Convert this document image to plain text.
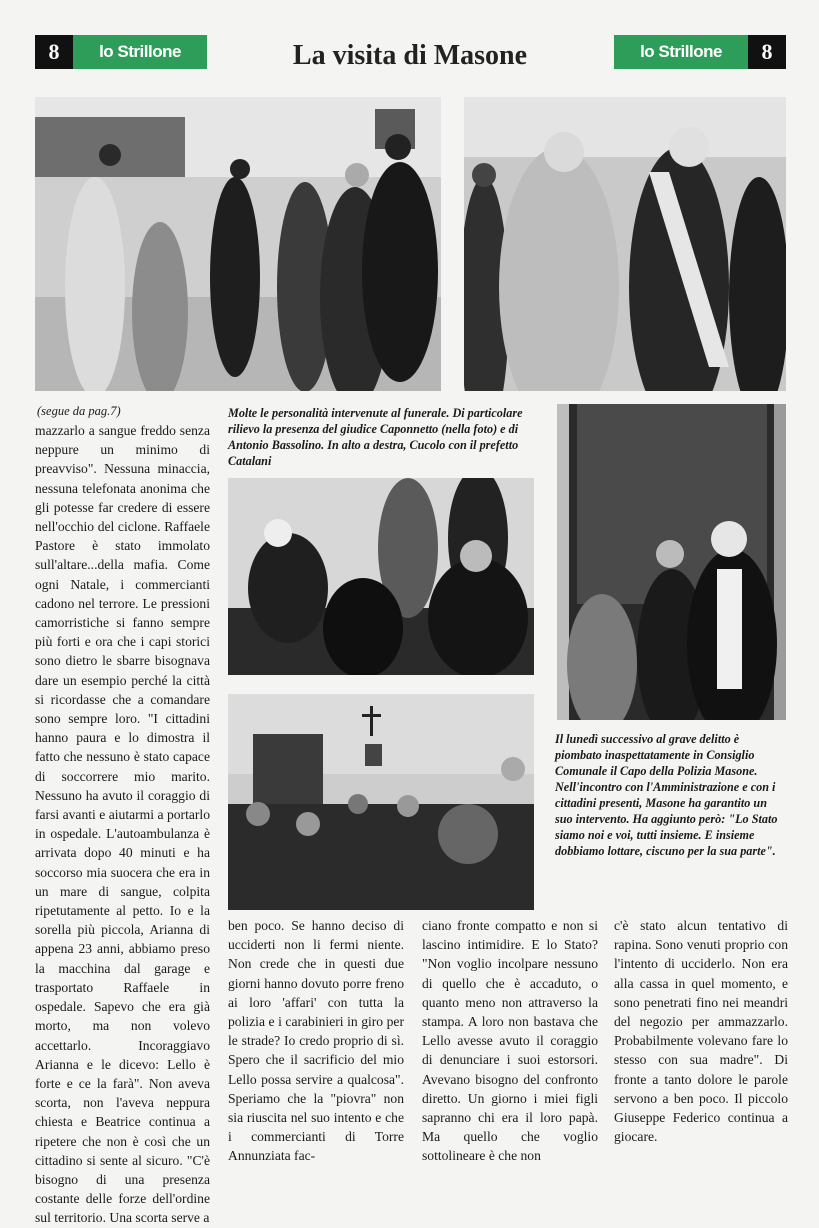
8	lo Strillone	La visita di Masone	lo Strillone	8
(segue da pag.7)

mazzarlo a sangue freddo senza neppure un minimo di preavviso". Nessuna minaccia, nessuna telefonata anonima che gli potesse far credere di essere nell'occhio del ciclone. Raffaele Pastore è stato immolato sull'altare...della mafia. Come ogni Natale, i commercianti cadono nel terrore. Le pressioni camorristiche si fanno sempre più forti e ora che i capi storici sono dietro le sbarre bisognava dare un esempio perché la città si ricordasse che a comandare sono sempre loro. "I cittadini hanno paura e lo dimostra il fatto che nessuno è stato capace di soccorrere mio marito. Nessuno ha avuto il coraggio di farsi avanti e aiutarmi a portarlo in ospedale. L'autoambulanza è arrivata dopo 40 minuti e ha soccorso mia suocera che era in un mare di sangue, colpita ripetutamente al petto. Io e la sorella più piccola, Arianna di appena 23 anni, abbiamo preso la macchina dal garage e trasportato Raffaele in ospedale. Sapevo che era già morto, ma non volevo accettarlo. Incoraggiavo Arianna e le dicevo: Lello è forte e ce la farà". Non aveva scorta, non l'aveva neppura chiesta e Beatrice continua a ripetere che non è così che un cittadino si sente al sicuro. "C'è bisogno di una presenza costante delle forze dell'ordine sul territorio. Una scorta serve a

Molte le personalità intervenute al funerale. Di particolare rilievo la presenza del giudice Caponnetto (nella foto) e di Antonio Bassolino. In alto a destra, Cucolo con il prefetto Catalani
Il lunedì successivo al grave delitto è piombato inaspettatamente in Consiglio Comunale il Capo della Polizia Masone. Nell'incontro con l'Amministrazione e con i cittadini presenti, Masone ha garantito un suo intervento. Ha aggiunto però: "Lo Stato siamo noi e voi, tutti insieme. E insieme dobbiamo lottare, ciscuno per la sua parte".

ben poco. Se hanno deciso di ucciderti non li fermi niente. Non crede che in questi due giorni hanno dovuto porre freno ai loro 'affari' con tutta la polizia e i carabinieri in giro per le strade? Io credo proprio di sì. Spero che il sacrificio del mio Lello possa servire a qualcosa". Speriamo che la "piovra" non sia riuscita nel suo intento e che i commercianti di Torre Annunziata fac-

ciano fronte compatto e non si lascino intimidire. E lo Stato? "Non voglio incolpare nessuno di quello che è accaduto, o quanto meno non attraverso la stampa. A loro non bastava che Lello avesse avuto il coraggio di denunciare i suoi estorsori. Avevano bisogno del confronto diretto. Un giorno i miei figli sapranno chi era il loro papà. Ma quello che voglio sottolineare è che non

c'è stato alcun tentativo di rapina. Sono venuti proprio con l'intento di ucciderlo. Non era alla cassa in quel momento, e sono penetrati fino nei meandri del negozio per ammazzarlo. Probabilmente volevano fare lo stesso con sua madre". Di fronte a tanto dolore le parole servono a ben poco. Il piccolo Giuseppe Federico continua a giocare.
